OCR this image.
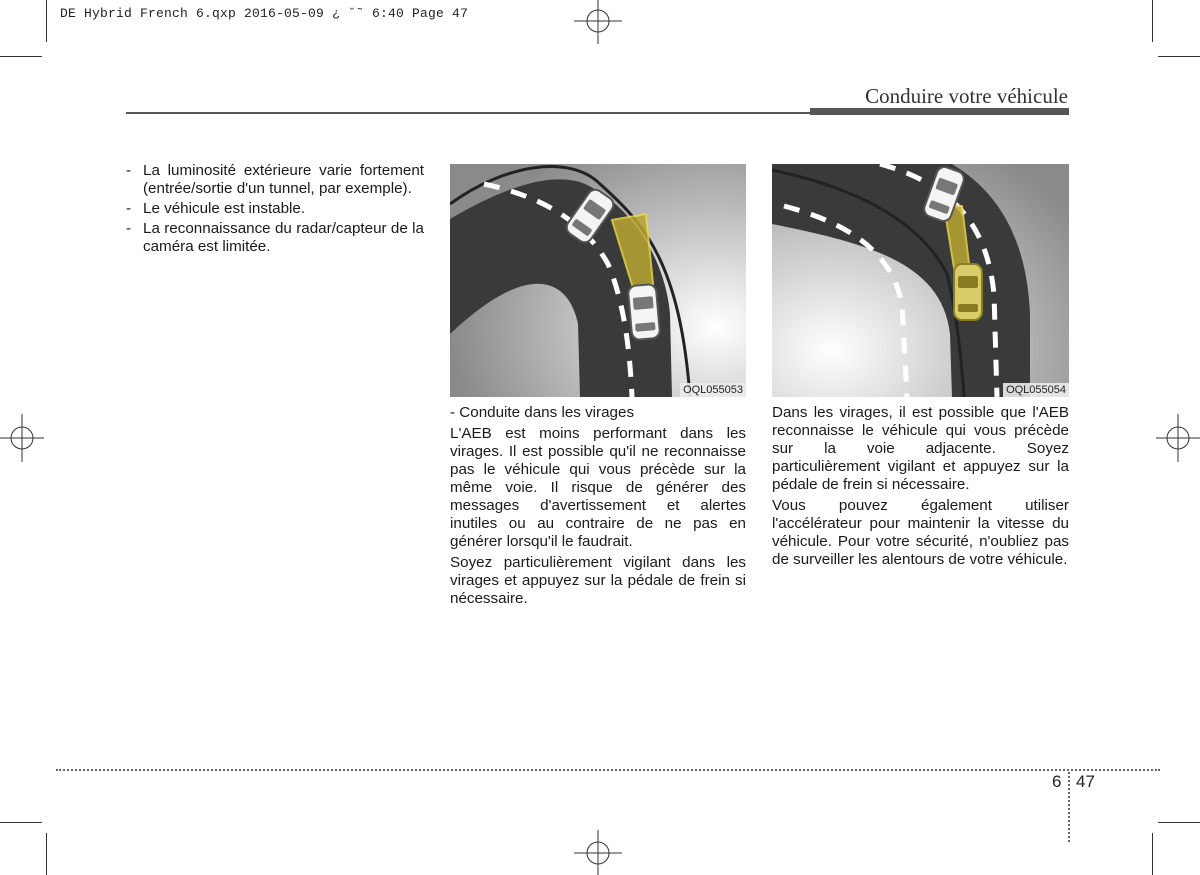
DE Hybrid French 6.qxp 2016-05-09 ¿ ˘˜ 6:40 Page 47
Conduire votre véhicule
- La luminosité extérieure varie fortement (entrée/sortie d'un tunnel, par exemple).
- Le véhicule est instable.
- La reconnaissance du radar/capteur de la caméra est limitée.
OQL055053	OQL055054

- Conduite dans les virages

L'AEB est moins performant dans les virages. Il est possible qu'il ne reconnaisse pas le véhicule qui vous précède sur la même voie. Il risque de générer des messages d'avertissement et alertes inutiles ou au contraire de ne pas en générer lorsqu'il le faudrait.

Soyez particulièrement vigilant dans les virages et appuyez sur la pédale de frein si nécessaire.

Dans les virages, il est possible que l'AEB reconnaisse le véhicule qui vous précède sur la voie adjacente. Soyez particulièrement vigilant et appuyez sur la pédale de frein si nécessaire.

Vous pouvez également utiliser l'accélérateur pour maintenir la vitesse du véhicule. Pour votre sécurité, n'oubliez pas de surveiller les alentours de votre véhicule.

6 47
